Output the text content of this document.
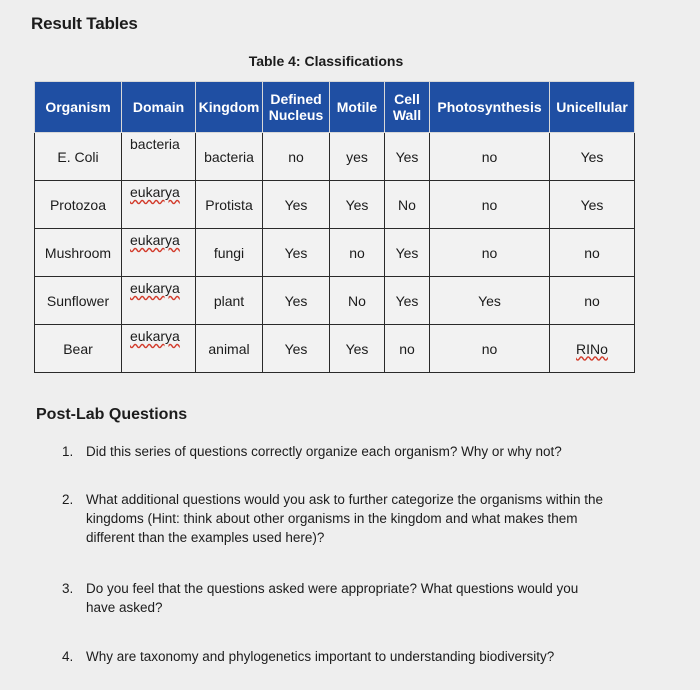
Result Tables
Table 4: Classifications
Organism	Domain	Kingdom	Defined Nucleus	Motile	Cell Wall	Photosynthesis	Unicellular
E. Coli	bacteria	bacteria	no	yes	Yes	no	Yes
Protozoa	eukarya	Protista	Yes	Yes	No	no	Yes
Mushroom	eukarya	fungi	Yes	no	Yes	no	no
Sunflower	eukarya	plant	Yes	No	Yes	Yes	no
Bear	eukarya	animal	Yes	Yes	no	no	RINo
Post-Lab Questions
1. Did this series of questions correctly organize each organism? Why or why not?
2. What additional questions would you ask to further categorize the organisms within the kingdoms (Hint: think about other organisms in the kingdom and what makes them different than the examples used here)?
3. Do you feel that the questions asked were appropriate? What questions would you have asked?
4. Why are taxonomy and phylogenetics important to understanding biodiversity?
